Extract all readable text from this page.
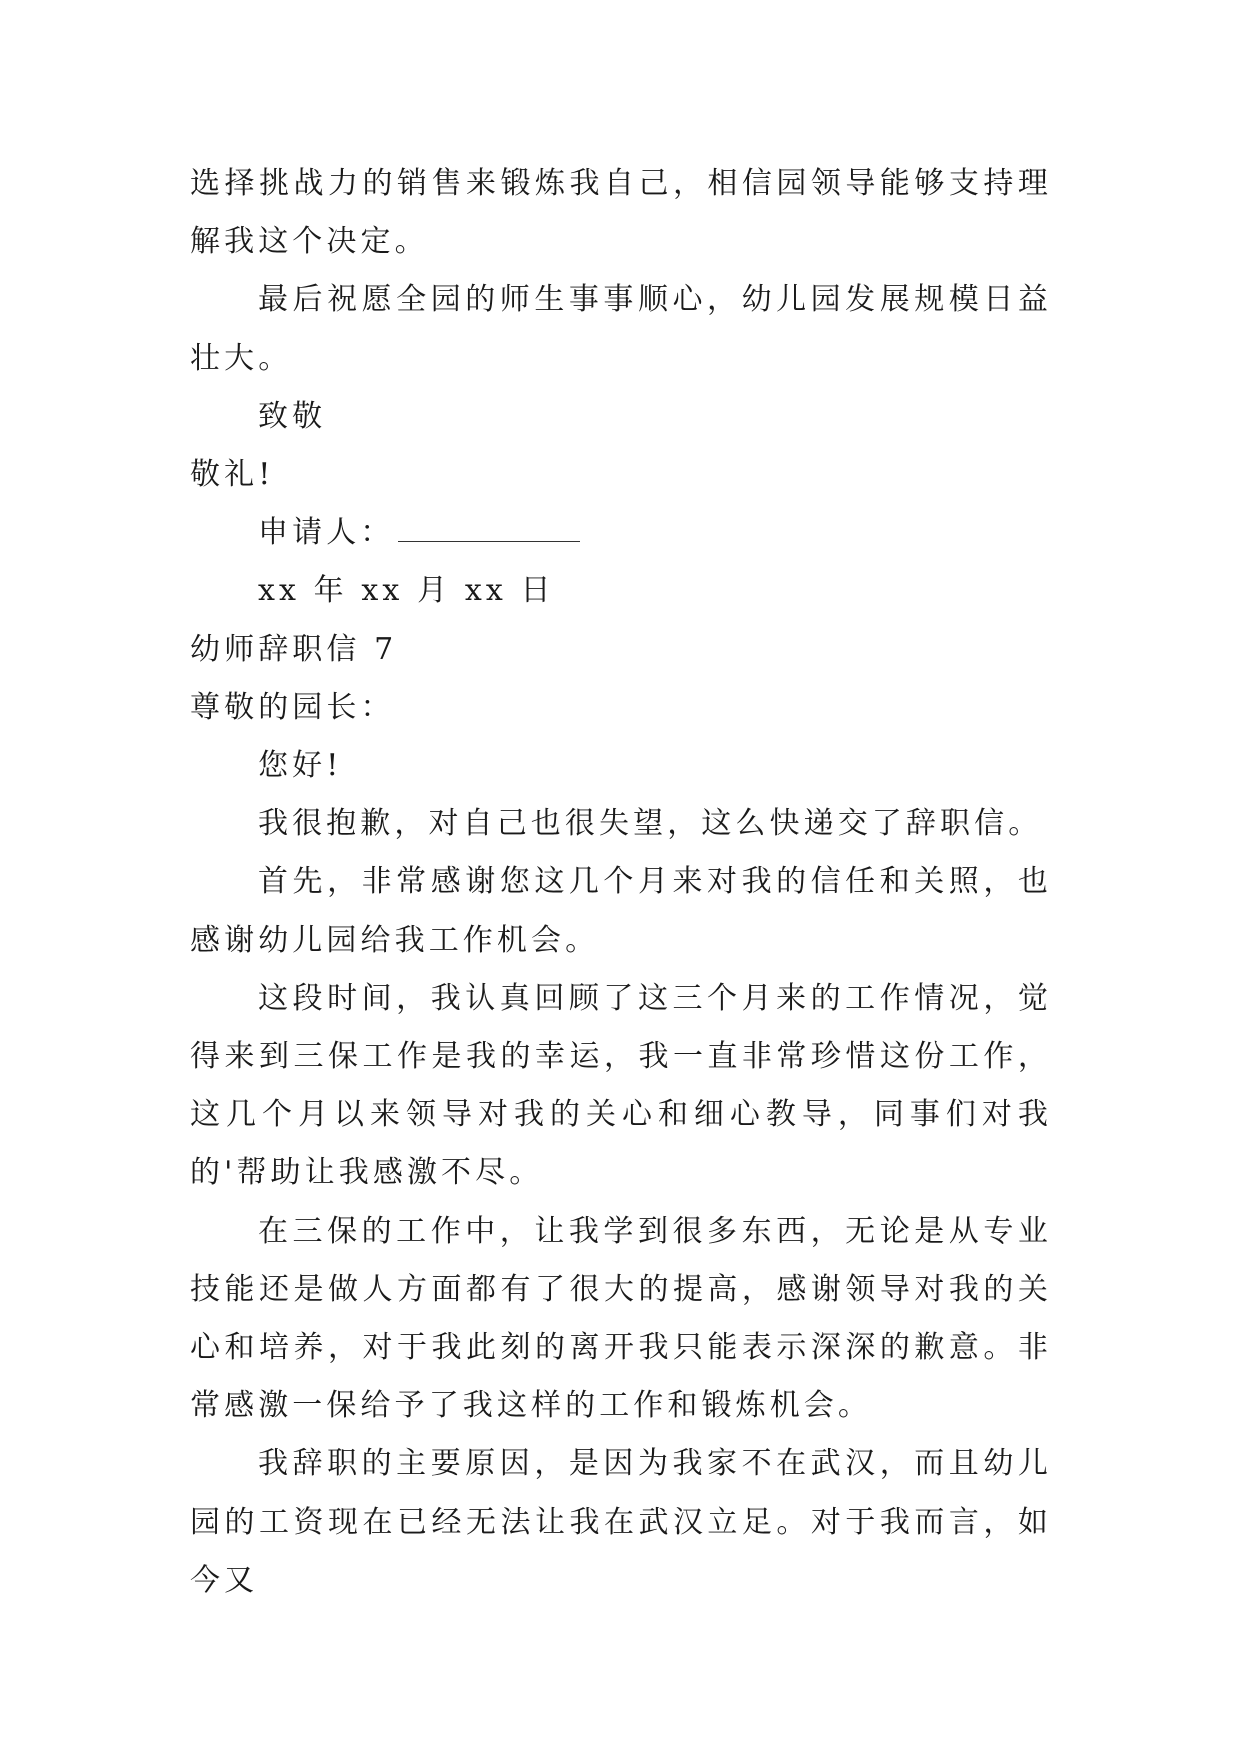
选择挑战力的销售来锻炼我自己，相信园领导能够支持理解我这个决定。

最后祝愿全园的师生事事顺心，幼儿园发展规模日益壮大。

致敬

敬礼!

申请人：

xx 年 xx 月 xx 日

幼师辞职信 7

尊敬的园长：

您好!

我很抱歉，对自己也很失望，这么快递交了辞职信。

首先，非常感谢您这几个月来对我的信任和关照，也感谢幼儿园给我工作机会。

这段时间，我认真回顾了这三个月来的工作情况，觉得来到三保工作是我的幸运，我一直非常珍惜这份工作，这几个月以来领导对我的关心和细心教导，同事们对我的'帮助让我感激不尽。

在三保的工作中，让我学到很多东西，无论是从专业技能还是做人方面都有了很大的提高，感谢领导对我的关心和培养，对于我此刻的离开我只能表示深深的歉意。非常感激一保给予了我这样的工作和锻炼机会。

我辞职的主要原因，是因为我家不在武汉，而且幼儿园的工资现在已经无法让我在武汉立足。对于我而言，如今又
